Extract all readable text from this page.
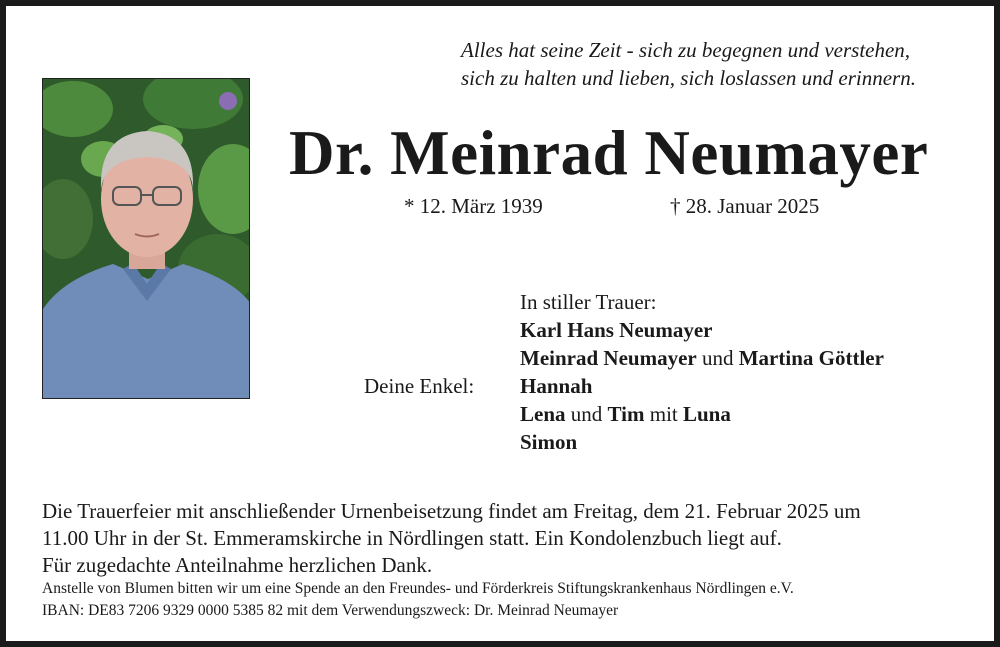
Alles hat seine Zeit - sich zu begegnen und verstehen,
sich zu halten und lieben, sich loslassen und erinnern.
Dr. Meinrad Neumayer
* 12. März 1939	† 28. Januar 2025
In stiller Trauer:
Karl Hans Neumayer
Meinrad Neumayer und Martina Göttler
Hannah
Lena und Tim mit Luna
Simon
Deine Enkel:
Die Trauerfeier mit anschließender Urnenbeisetzung findet am Freitag, dem 21. Februar 2025 um
11.00 Uhr in der St. Emmeramskirche in Nördlingen statt. Ein Kondolenzbuch liegt auf.
Für zugedachte Anteilnahme herzlichen Dank.
Anstelle von Blumen bitten wir um eine Spende an den Freundes- und Förderkreis Stiftungskrankenhaus Nördlingen e.V.
IBAN: DE83 7206 9329 0000 5385 82 mit dem Verwendungszweck: Dr. Meinrad Neumayer
